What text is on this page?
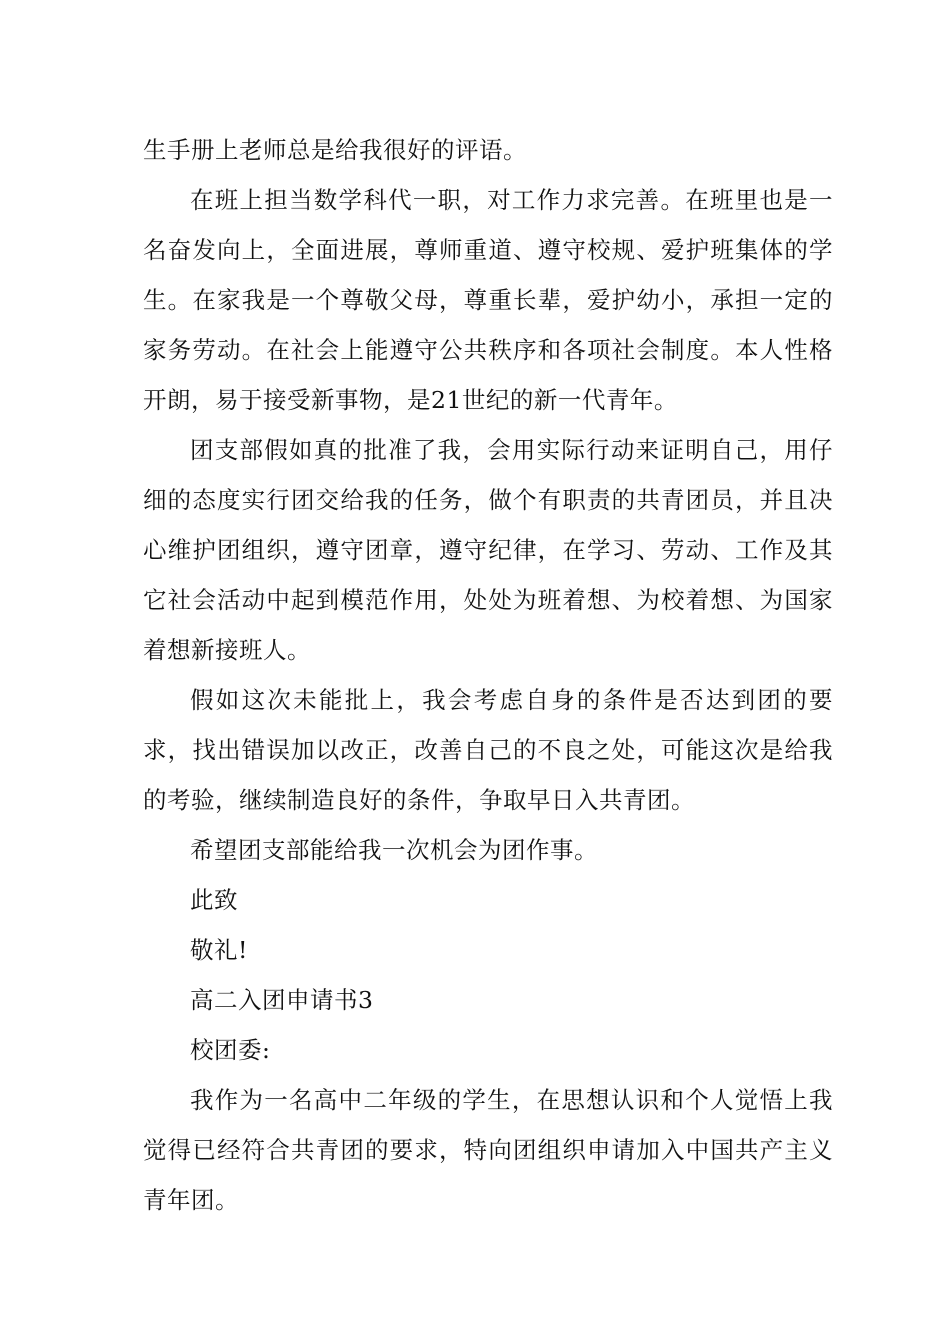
生手册上老师总是给我很好的评语。

在班上担当数学科代一职，对工作力求完善。在班里也是一名奋发向上，全面进展，尊师重道、遵守校规、爱护班集体的学生。在家我是一个尊敬父母，尊重长辈，爱护幼小，承担一定的家务劳动。在社会上能遵守公共秩序和各项社会制度。本人性格开朗，易于接受新事物，是21世纪的新一代青年。

团支部假如真的批准了我，会用实际行动来证明自己，用仔细的态度实行团交给我的任务，做个有职责的共青团员，并且决心维护团组织，遵守团章，遵守纪律，在学习、劳动、工作及其它社会活动中起到模范作用，处处为班着想、为校着想、为国家着想新接班人。

假如这次未能批上，我会考虑自身的条件是否达到团的要求，找出错误加以改正，改善自己的不良之处，可能这次是给我的考验，继续制造良好的条件，争取早日入共青团。

希望团支部能给我一次机会为团作事。

此致

敬礼!

高二入团申请书3

校团委:

我作为一名高中二年级的学生，在思想认识和个人觉悟上我觉得已经符合共青团的要求，特向团组织申请加入中国共产主义青年团。
